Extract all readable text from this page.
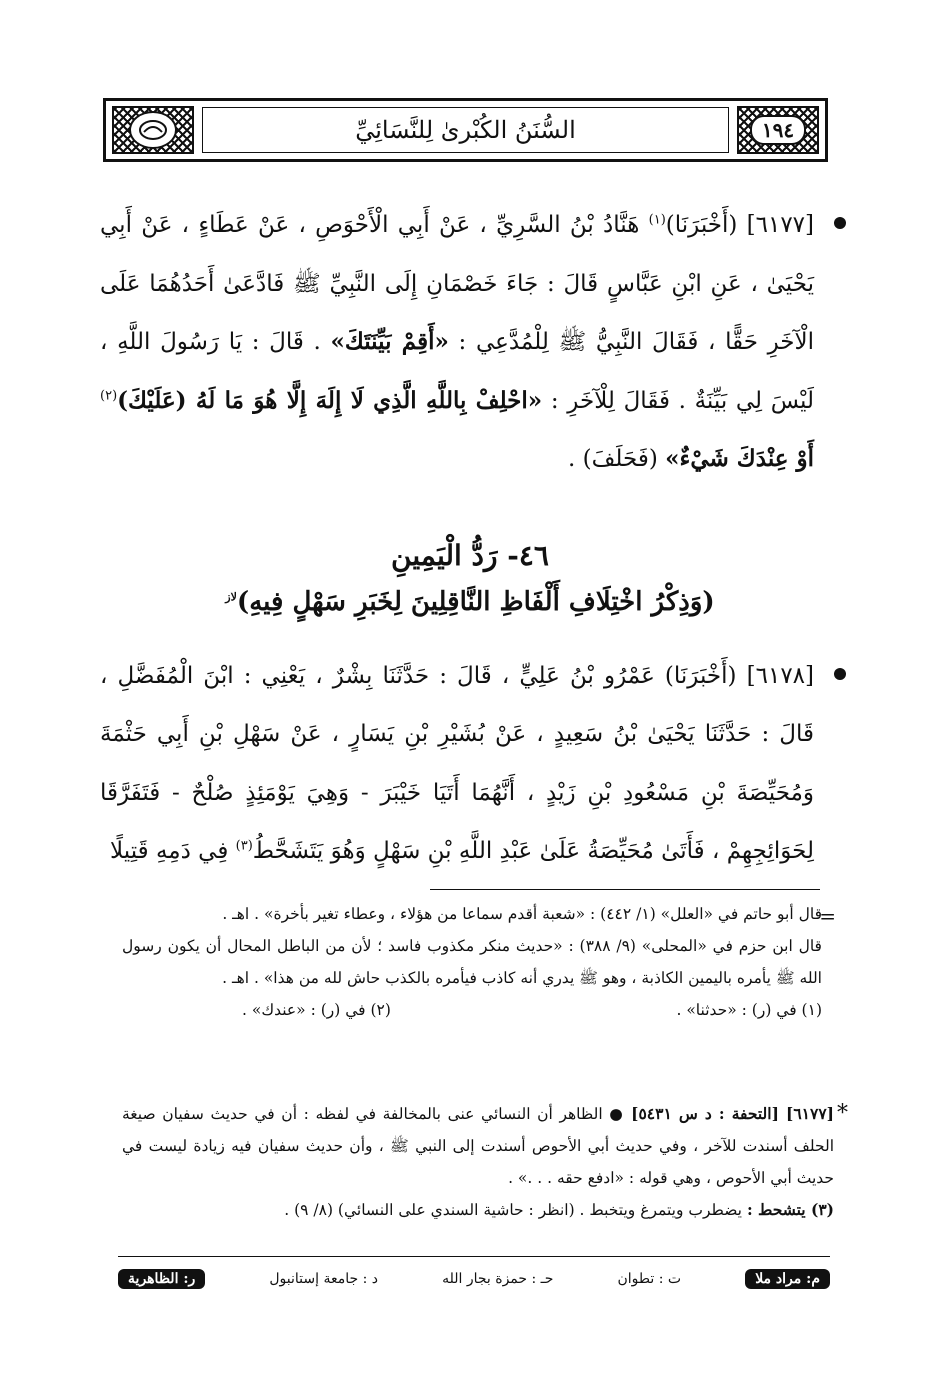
١٩٤
السُّنَنُ الكُبْرىٰ لِلنَّسَائِيِّ

[٦١٧٧] (أَخْبَرَنَا)$^{(١)}$ هَنَّادُ بْنُ السَّرِيِّ ، عَنْ أَبِي الْأَحْوَصِ ، عَنْ عَطَاءٍ ، عَنْ أَبِي يَحْيَىٰ ، عَنِ ابْنِ عَبَّاسٍ قَالَ : جَاءَ خَصْمَانِ إِلَى النَّبِيِّ ﷺ فَادَّعَىٰ أَحَدُهُمَا عَلَى الْآخَرِ حَقًّا ، فَقَالَ النَّبِيُّ ﷺ لِلْمُدَّعِي : «أَقِمْ بَيِّنَتَكَ» . قَالَ : يَا رَسُولَ اللَّهِ ، لَيْسَ لِي بَيِّنَةٌ . فَقَالَ لِلْآخَرِ : «احْلِفْ بِاللَّهِ الَّذِي لَا إِلَهَ إِلَّا هُوَ مَا لَهُ (عَلَيْكَ)$^{(٢)}$ أَوْ عِنْدَكَ شَيْءٌ» (فَحَلَفَ) .

٤٦- رَدُّ الْيَمِينِ
(وَذِكْرُ اخْتِلَافِ أَلْفَاظِ النَّاقِلِينَ لِخَبَرِ سَهْلٍ فِيهِ)$^{لاز}$

[٦١٧٨] (أَخْبَرَنَا) عَمْرُو بْنُ عَلِيٍّ ، قَالَ : حَدَّثَنَا بِشْرٌ ، يَعْنِي : ابْنَ الْمُفَضَّلِ ، قَالَ : حَدَّثَنَا يَحْيَىٰ بْنُ سَعِيدٍ ، عَنْ بُشَيْرِ بْنِ يَسَارٍ ، عَنْ سَهْلِ بْنِ أَبِي حَثْمَةَ وَمُحَيِّصَةَ بْنِ مَسْعُودِ بْنِ زَيْدٍ ، أَنَّهُمَا أَتَيَا خَيْبَرَ - وَهِيَ يَوْمَئِذٍ صُلْحٌ - فَتَفَرَّقَا لِحَوَائِجِهِمْ ، فَأَتَىٰ مُحَيِّصَةُ عَلَىٰ عَبْدِ اللَّهِ بْنِ سَهْلٍ وَهُوَ يَتَشَحَّطُ$^{(٣)}$ فِي دَمِهِ قَتِيلًا

=

قال أبو حاتم في «العلل» (١/ ٤٤٢) : «شعبة أقدم سماعا من هؤلاء ، وعطاء تغير بأخرة» . اهـ .

قال ابن حزم في «المحلى» (٩/ ٣٨٨) : «حديث منكر مكذوب فاسد ؛ لأن من الباطل المحال أن يكون رسول الله ﷺ يأمره باليمين الكاذبة ، وهو ﷺ يدري أنه كاذب فيأمره بالكذب حاش لله من هذا» . اهـ .

(١) في (ر) : «حدثنا» .
(٢) في (ر) : «عندك» .
*

[٦١٧٧] [التحفة : د س ٥٤٣١] ● الظاهر أن النسائي عنى بالمخالفة في لفظه : أن في حديث سفيان صيغة الحلف أسندت للآخر ، وفي حديث أبي الأحوص أسندت إلى النبي ﷺ ، وأن حديث سفيان فيه زيادة ليست في حديث أبي الأحوص ، وهي قوله : «ادفع حقه . . .» .

(٣) يتشحط : يضطرب ويتمرغ ويتخبط . (انظر : حاشية السندي على النسائي) (٨/ ٩) .

م: مراد ملا
ت : تطوان
حـ : حمزة بجار الله
د : جامعة إستانبول
ر: الظاهرية
